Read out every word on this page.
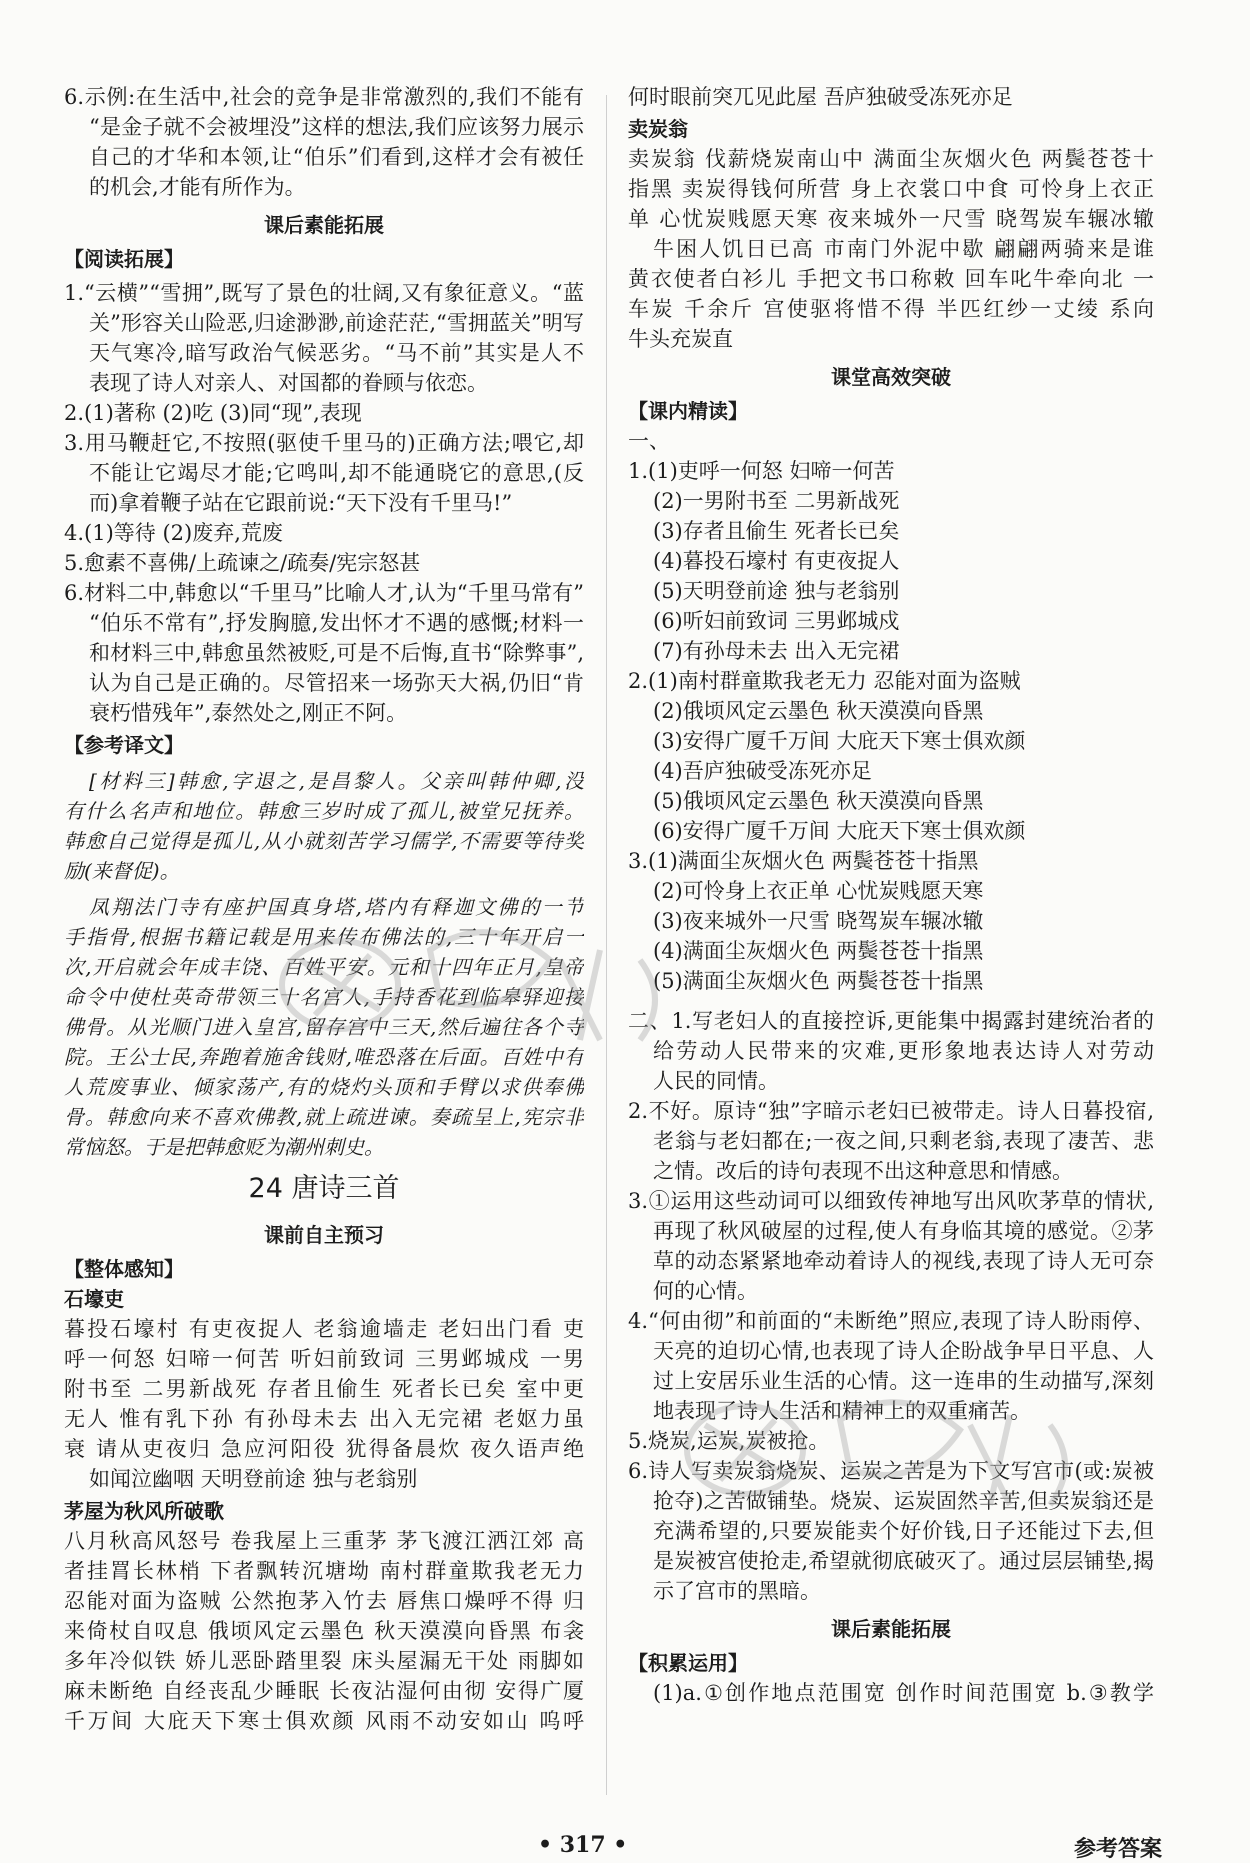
6.示例:在生活中,社会的竞争是非常激烈的,我们不能有
“是金子就不会被埋没”这样的想法,我们应该努力展示
自己的才华和本领,让“伯乐”们看到,这样才会有被任
的机会,才能有所作为。
课后素能拓展
【阅读拓展】
1.“云横”“雪拥”,既写了景色的壮阔,又有象征意义。“蓝
关”形容关山险恶,归途渺渺,前途茫茫,“雪拥蓝关”明写
天气寒冷,暗写政治气候恶劣。“马不前”其实是人不
表现了诗人对亲人、对国都的眷顾与依恋。
2.(1)著称 (2)吃 (3)同“现”,表现
3.用马鞭赶它,不按照(驱使千里马的)正确方法;喂它,却
不能让它竭尽才能;它鸣叫,却不能通晓它的意思,(反
而)拿着鞭子站在它跟前说:“天下没有千里马!”
4.(1)等待 (2)废弃,荒废
5.愈素不喜佛/上疏谏之/疏奏/宪宗怒甚
6.材料二中,韩愈以“千里马”比喻人才,认为“千里马常有”
“伯乐不常有”,抒发胸臆,发出怀才不遇的感慨;材料一
和材料三中,韩愈虽然被贬,可是不后悔,直书“除弊事”,
认为自己是正确的。尽管招来一场弥天大祸,仍旧“肯
衰朽惜残年”,泰然处之,刚正不阿。
【参考译文】
[材料三]韩愈,字退之,是昌黎人。父亲叫韩仲卿,没
有什么名声和地位。韩愈三岁时成了孤儿,被堂兄抚养。
韩愈自己觉得是孤儿,从小就刻苦学习儒学,不需要等待奖
励(来督促)。
凤翔法门寺有座护国真身塔,塔内有释迦文佛的一节
手指骨,根据书籍记载是用来传布佛法的,三十年开启一
次,开启就会年成丰饶、百姓平安。元和十四年正月,皇帝
命令中使杜英奇带领三十名宫人,手持香花到临皋驿迎接
佛骨。从光顺门进入皇宫,留存宫中三天,然后遍往各个寺
院。王公士民,奔跑着施舍钱财,唯恐落在后面。百姓中有
人荒废事业、倾家荡产,有的烧灼头顶和手臂以求供奉佛
骨。韩愈向来不喜欢佛教,就上疏进谏。奏疏呈上,宪宗非
常恼怒。于是把韩愈贬为潮州刺史。
24 唐诗三首
课前自主预习
【整体感知】
石壕吏
暮投石壕村 有吏夜捉人 老翁逾墙走 老妇出门看 吏
呼一何怒 妇啼一何苦 听妇前致词 三男邺城戍 一男
附书至 二男新战死 存者且偷生 死者长已矣 室中更
无人 惟有乳下孙 有孙母未去 出入无完裙 老妪力虽
衰 请从吏夜归 急应河阳役 犹得备晨炊 夜久语声绝
如闻泣幽咽 天明登前途 独与老翁别
茅屋为秋风所破歌
八月秋高风怒号 卷我屋上三重茅 茅飞渡江洒江郊 高
者挂罥长林梢 下者飘转沉塘坳 南村群童欺我老无力
忍能对面为盗贼 公然抱茅入竹去 唇焦口燥呼不得 归
来倚杖自叹息 俄顷风定云墨色 秋天漠漠向昏黑 布衾
多年冷似铁 娇儿恶卧踏里裂 床头屋漏无干处 雨脚如
麻未断绝 自经丧乱少睡眠 长夜沾湿何由彻 安得广厦
千万间 大庇天下寒士俱欢颜 风雨不动安如山 呜呼
何时眼前突兀见此屋 吾庐独破受冻死亦足
卖炭翁
卖炭翁 伐薪烧炭南山中 满面尘灰烟火色 两鬓苍苍十
指黑 卖炭得钱何所营 身上衣裳口中食 可怜身上衣正
单 心忧炭贱愿天寒 夜来城外一尺雪 晓驾炭车辗冰辙
牛困人饥日已高 市南门外泥中歇 翩翩两骑来是谁
黄衣使者白衫儿 手把文书口称敕 回车叱牛牵向北 一
车炭 千余斤 宫使驱将惜不得 半匹红纱一丈绫 系向
牛头充炭直
课堂高效突破
【课内精读】
一、
1.(1)吏呼一何怒 妇啼一何苦
(2)一男附书至 二男新战死
(3)存者且偷生 死者长已矣
(4)暮投石壕村 有吏夜捉人
(5)天明登前途 独与老翁别
(6)听妇前致词 三男邺城戍
(7)有孙母未去 出入无完裙
2.(1)南村群童欺我老无力 忍能对面为盗贼
(2)俄顷风定云墨色 秋天漠漠向昏黑
(3)安得广厦千万间 大庇天下寒士俱欢颜
(4)吾庐独破受冻死亦足
(5)俄顷风定云墨色 秋天漠漠向昏黑
(6)安得广厦千万间 大庇天下寒士俱欢颜
3.(1)满面尘灰烟火色 两鬓苍苍十指黑
(2)可怜身上衣正单 心忧炭贱愿天寒
(3)夜来城外一尺雪 晓驾炭车辗冰辙
(4)满面尘灰烟火色 两鬓苍苍十指黑
(5)满面尘灰烟火色 两鬓苍苍十指黑
二、1.写老妇人的直接控诉,更能集中揭露封建统治者的
给劳动人民带来的灾难,更形象地表达诗人对劳动
人民的同情。
2.不好。原诗“独”字暗示老妇已被带走。诗人日暮投宿,
老翁与老妇都在;一夜之间,只剩老翁,表现了凄苦、悲
之情。改后的诗句表现不出这种意思和情感。
3.①运用这些动词可以细致传神地写出风吹茅草的情状,
再现了秋风破屋的过程,使人有身临其境的感觉。②茅
草的动态紧紧地牵动着诗人的视线,表现了诗人无可奈
何的心情。
4.“何由彻”和前面的“未断绝”照应,表现了诗人盼雨停、
天亮的迫切心情,也表现了诗人企盼战争早日平息、人
过上安居乐业生活的心情。这一连串的生动描写,深刻
地表现了诗人生活和精神上的双重痛苦。
5.烧炭,运炭,炭被抢。
6.诗人写卖炭翁烧炭、运炭之苦是为下文写宫市(或:炭被
抢夺)之苦做铺垫。烧炭、运炭固然辛苦,但卖炭翁还是
充满希望的,只要炭能卖个好价钱,日子还能过下去,但
是炭被宫使抢走,希望就彻底破灭了。通过层层铺垫,揭
示了宫市的黑暗。
课后素能拓展
【积累运用】
(1)a.①创作地点范围宽 创作时间范围宽 b.③教学
• 317 •	参考答案
